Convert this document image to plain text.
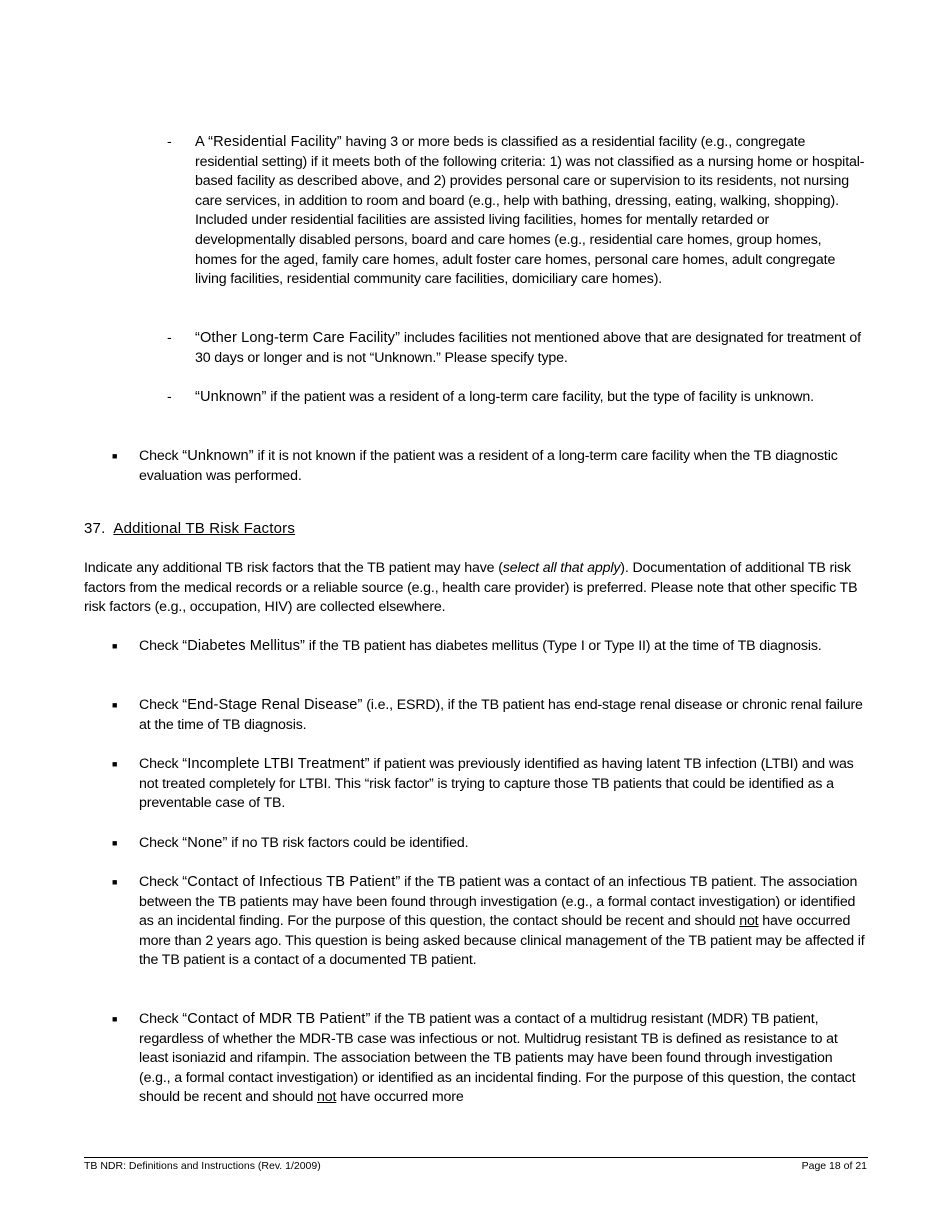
- A “Residential Facility” having 3 or more beds is classified as a residential facility (e.g., congregate residential setting) if it meets both of the following criteria: 1) was not classified as a nursing home or hospital-based facility as described above, and 2) provides personal care or supervision to its residents, not nursing care services, in addition to room and board (e.g., help with bathing, dressing, eating, walking, shopping). Included under residential facilities are assisted living facilities, homes for mentally retarded or developmentally disabled persons, board and care homes (e.g., residential care homes, group homes, homes for the aged, family care homes, adult foster care homes, personal care homes, adult congregate living facilities, residential community care facilities, domiciliary care homes).
- “Other Long-term Care Facility” includes facilities not mentioned above that are designated for treatment of 30 days or longer and is not “Unknown.” Please specify type.
- “Unknown” if the patient was a resident of a long-term care facility, but the type of facility is unknown.
■ Check “Unknown” if it is not known if the patient was a resident of a long-term care facility when the TB diagnostic evaluation was performed.
37. Additional TB Risk Factors
Indicate any additional TB risk factors that the TB patient may have (select all that apply). Documentation of additional TB risk factors from the medical records or a reliable source (e.g., health care provider) is preferred. Please note that other specific TB risk factors (e.g., occupation, HIV) are collected elsewhere.
■ Check “Diabetes Mellitus” if the TB patient has diabetes mellitus (Type I or Type II) at the time of TB diagnosis.
■ Check “End-Stage Renal Disease” (i.e., ESRD), if the TB patient has end-stage renal disease or chronic renal failure at the time of TB diagnosis.
■ Check “Incomplete LTBI Treatment” if patient was previously identified as having latent TB infection (LTBI) and was not treated completely for LTBI. This “risk factor” is trying to capture those TB patients that could be identified as a preventable case of TB.
■ Check “None” if no TB risk factors could be identified.
■ Check “Contact of Infectious TB Patient” if the TB patient was a contact of an infectious TB patient. The association between the TB patients may have been found through investigation (e.g., a formal contact investigation) or identified as an incidental finding. For the purpose of this question, the contact should be recent and should not have occurred more than 2 years ago. This question is being asked because clinical management of the TB patient may be affected if the TB patient is a contact of a documented TB patient.
■ Check “Contact of MDR TB Patient” if the TB patient was a contact of a multidrug resistant (MDR) TB patient, regardless of whether the MDR-TB case was infectious or not. Multidrug resistant TB is defined as resistance to at least isoniazid and rifampin. The association between the TB patients may have been found through investigation (e.g., a formal contact investigation) or identified as an incidental finding. For the purpose of this question, the contact should be recent and should not have occurred more
TB NDR: Definitions and Instructions (Rev. 1/2009)	Page 18 of 21
